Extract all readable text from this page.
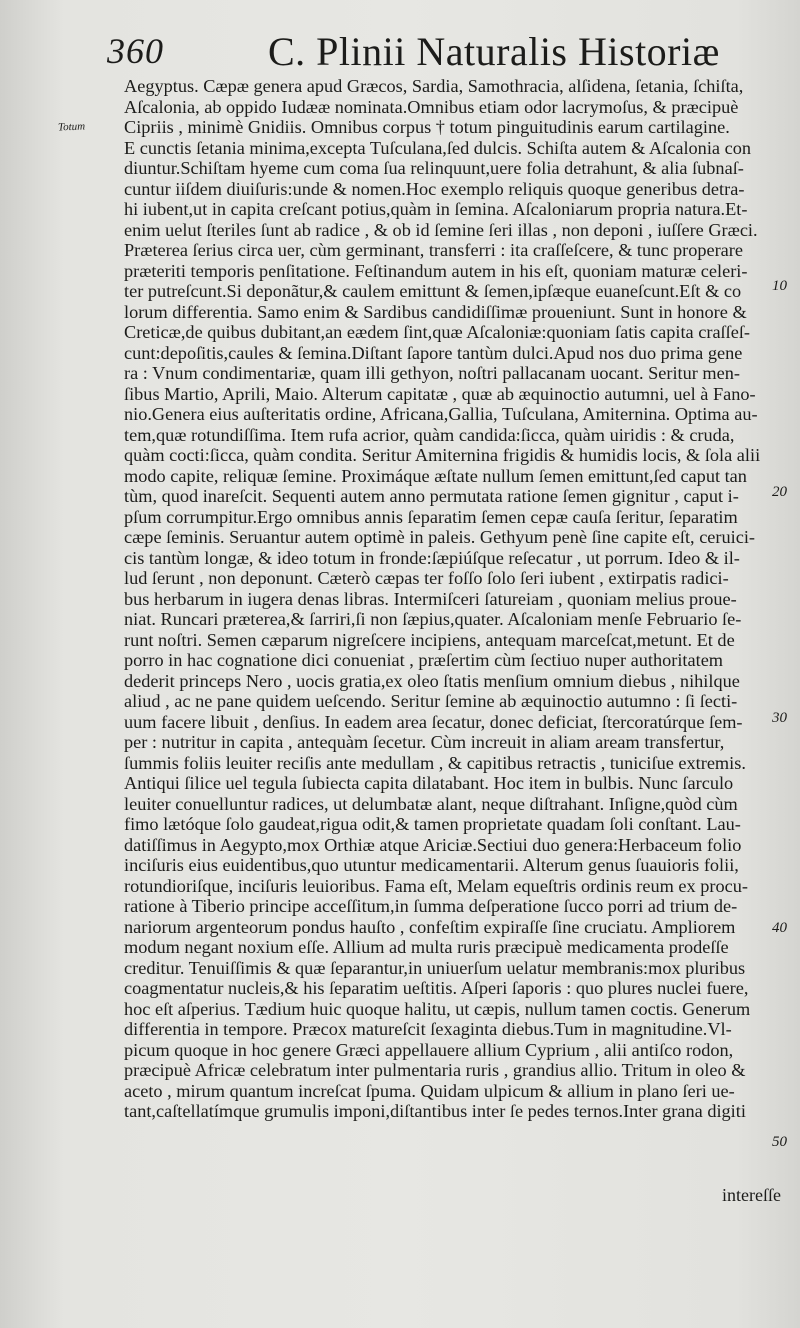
360	C. Plinii Naturalis Historiæ
Totum
10
20
30
40
50
Aegyptus. Cæpæ genera apud Græcos, Sardia, Samothracia, alſidena, ſetania, ſchiſta,
Aſcalonia, ab oppido Iudææ nominata.Omnibus etiam odor lacrymoſus, & præcipuè
Cipriis , minimè Gnidiis. Omnibus corpus † totum pinguitudinis earum cartilagine.
E cunctis ſetania minima,excepta Tuſculana,ſed dulcis. Schiſta autem & Aſcalonia con
diuntur.Schiſtam hyeme cum coma ſua relinquunt,uere folia detrahunt, & alia ſubnaſ-
cuntur iiſdem diuiſuris:unde & nomen.Hoc exemplo reliquis quoque generibus detra-
hi iubent,ut in capita creſcant potius,quàm in ſemina. Aſcaloniarum propria natura.Et-
enim uelut ſteriles ſunt ab radice , & ob id ſemine ſeri illas , non deponi , iuſſere Græci.
Præterea ſerius circa uer, cùm germinant, transferri : ita craſſeſcere, & tunc properare
præteriti temporis penſitatione. Feſtinandum autem in his eſt, quoniam maturæ celeri-
ter putreſcunt.Si deponãtur,& caulem emittunt & ſemen,ipſæque euaneſcunt.Eſt & co
lorum differentia. Samo enim & Sardibus candidiſſimæ proueniunt. Sunt in honore &
Creticæ,de quibus dubitant,an eædem ſint,quæ Aſcaloniæ:quoniam ſatis capita craſſeſ-
cunt:depoſitis,caules & ſemina.Diſtant ſapore tantùm dulci.Apud nos duo prima gene
ra : Vnum condimentariæ, quam illi gethyon, noſtri pallacanam uocant. Seritur men-
ſibus Martio, Aprili, Maio. Alterum capitatæ , quæ ab æquinoctio autumni, uel à Fano-
nio.Genera eius auſteritatis ordine, Africana,Gallia, Tuſculana, Amiternina. Optima au-
tem,quæ rotundiſſima. Item rufa acrior, quàm candida:ſicca, quàm uiridis : & cruda,
quàm cocti:ſicca, quàm condita. Seritur Amiternina frigidis & humidis locis, & ſola alii
modo capite, reliquæ ſemine. Proximáque æſtate nullum ſemen emittunt,ſed caput tan
tùm, quod inareſcit. Sequenti autem anno permutata ratione ſemen gignitur , caput i-
pſum corrumpitur.Ergo omnibus annis ſeparatim ſemen cepæ cauſa ſeritur, ſeparatim
cæpe ſeminis. Seruantur autem optimè in paleis. Gethyum penè ſine capite eſt, ceruici-
cis tantùm longæ, & ideo totum in fronde:ſæpiúſque reſecatur , ut porrum. Ideo & il-
lud ſerunt , non deponunt. Cæterò cæpas ter foſſo ſolo ſeri iubent , extirpatis radici-
bus herbarum in iugera denas libras. Intermiſceri ſatureiam , quoniam melius proue-
niat. Runcari præterea,& ſarriri,ſi non ſæpius,quater. Aſcaloniam menſe Februario ſe-
runt noſtri. Semen cæparum nigreſcere incipiens, antequam marceſcat,metunt. Et de
porro in hac cognatione dici conueniat , præſertim cùm ſectiuo nuper authoritatem
dederit princeps Nero , uocis gratia,ex oleo ſtatis menſium omnium diebus , nihilque
aliud , ac ne pane quidem ueſcendo. Seritur ſemine ab æquinoctio autumno : ſi ſecti-
uum facere libuit , denſius. In eadem area ſecatur, donec deficiat, ſtercoratúrque ſem-
per : nutritur in capita , antequàm ſecetur. Cùm increuit in aliam aream transfertur,
ſummis foliis leuiter reciſis ante medullam , & capitibus retractis , tuniciſue extremis.
Antiqui ſilice uel tegula ſubiecta capita dilatabant. Hoc item in bulbis. Nunc ſarculo
leuiter conuelluntur radices, ut delumbatæ alant, neque diſtrahant. Inſigne,quòd cùm
fimo lætóque ſolo gaudeat,rigua odit,& tamen proprietate quadam ſoli conſtant. Lau-
datiſſimus in Aegypto,mox Orthiæ atque Ariciæ.Sectiui duo genera:Herbaceum folio
inciſuris eius euidentibus,quo utuntur medicamentarii. Alterum genus ſuauioris folii,
rotundioriſque, inciſuris leuioribus. Fama eſt, Melam equeſtris ordinis reum ex procu-
ratione à Tiberio principe acceſſitum,in ſumma deſperatione ſucco porri ad trium de-
nariorum argenteorum pondus hauſto , confeſtim expiraſſe ſine cruciatu. Ampliorem
modum negant noxium eſſe. Allium ad multa ruris præcipuè medicamenta prodeſſe
creditur. Tenuiſſimis & quæ ſeparantur,in uniuerſum uelatur membranis:mox pluribus
coagmentatur nucleis,& his ſeparatim ueſtitis. Aſperi ſaporis : quo plures nuclei fuere,
hoc eſt aſperius. Tædium huic quoque halitu, ut cæpis, nullum tamen coctis. Generum
differentia in tempore. Præcox matureſcit ſexaginta diebus.Tum in magnitudine.Vl-
picum quoque in hoc genere Græci appellauere allium Cyprium , alii antiſco rodon,
præcipuè Africæ celebratum inter pulmentaria ruris , grandius allio. Tritum in oleo &
aceto , mirum quantum increſcat ſpuma. Quidam ulpicum & allium in plano ſeri ue-
tant,caſtellatímque grumulis imponi,diſtantibus inter ſe pedes ternos.Inter grana digiti
intereſſe
